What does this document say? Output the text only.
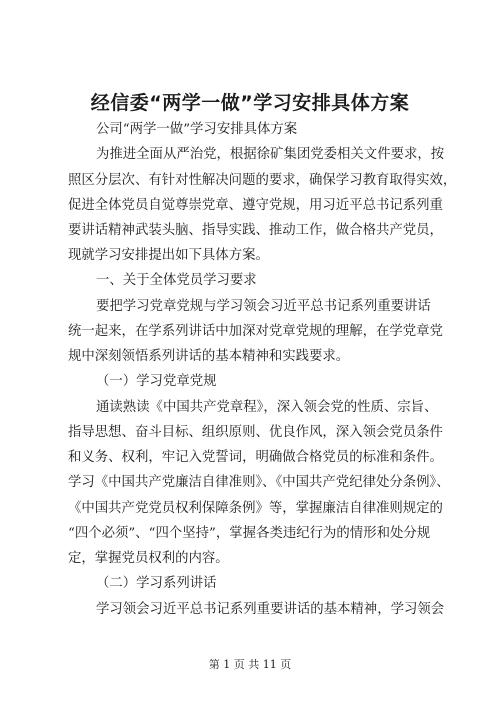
经信委“两学一做”学习安排具体方案
公司“两学一做”学习安排具体方案
为推进全面从严治党，根据徐矿集团党委相关文件要求，按
照区分层次、有针对性解决问题的要求，确保学习教育取得实效，
促进全体党员自觉尊崇党章、遵守党规，用习近平总书记系列重
要讲话精神武装头脑、指导实践、推动工作，做合格共产党员，
现就学习安排提出如下具体方案。
一、关于全体党员学习要求
要把学习党章党规与学习领会习近平总书记系列重要讲话
统一起来，在学系列讲话中加深对党章党规的理解，在学党章党
规中深刻领悟系列讲话的基本精神和实践要求。
（一）学习党章党规
通读熟读《中国共产党章程》，深入领会党的性质、宗旨、
指导思想、奋斗目标、组织原则、优良作风，深入领会党员条件
和义务、权利，牢记入党誓词，明确做合格党员的标准和条件。
学习《中国共产党廉洁自律准则》、《中国共产党纪律处分条例》、
《中国共产党党员权利保障条例》等，掌握廉洁自律准则规定的
“四个必须”、“四个坚持”，掌握各类违纪行为的情形和处分规
定，掌握党员权利的内容。
（二）学习系列讲话
学习领会习近平总书记系列重要讲话的基本精神，学习领会
第 1 页 共 11 页
